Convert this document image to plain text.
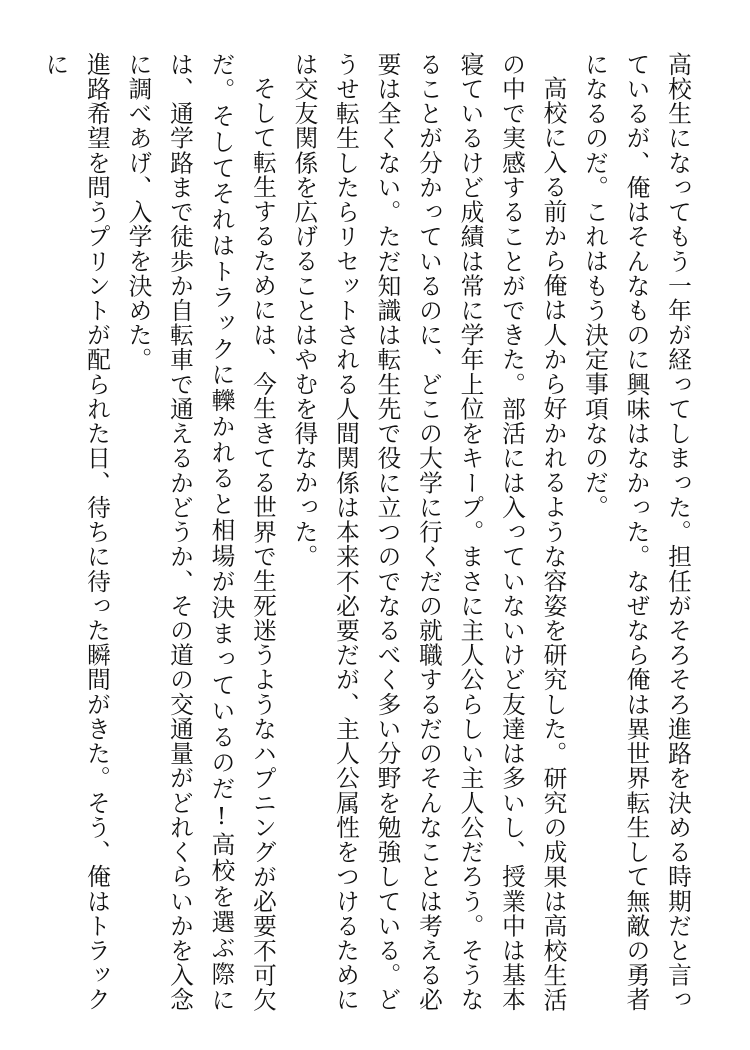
高校生になってもう一年が経ってしまった。担任がそろそろ進路を決める時期だと言っているが、俺はそんなものに興味はなかった。なぜなら俺は異世界転生して無敵の勇者になるのだ。これはもう決定事項なのだ。

高校に入る前から俺は人から好かれるような容姿を研究した。研究の成果は高校生活の中で実感することができた。部活には入っていないけど友達は多いし、授業中は基本寝ているけど成績は常に学年上位をキープ。まさに主人公らしい主人公だろう。そうなることが分かっているのに、どこの大学に行くだの就職するだのそんなことは考える必要は全くない。ただ知識は転生先で役に立つのでなるべく多い分野を勉強している。どうせ転生したらリセットされる人間関係は本来不必要だが、主人公属性をつけるためには交友関係を広げることはやむを得なかった。

そして転生するためには、今生きてる世界で生死迷うようなハプニングが必要不可欠だ。そしてそれはトラックに轢かれると相場が決まっているのだ!高校を選ぶ際には、通学路まで徒歩か自転車で通えるかどうか、その道の交通量がどれくらいかを入念に調べあげ、入学を決めた。

進路希望を問うプリントが配られた日、待ちに待った瞬間がきた。そう、俺はトラックに
